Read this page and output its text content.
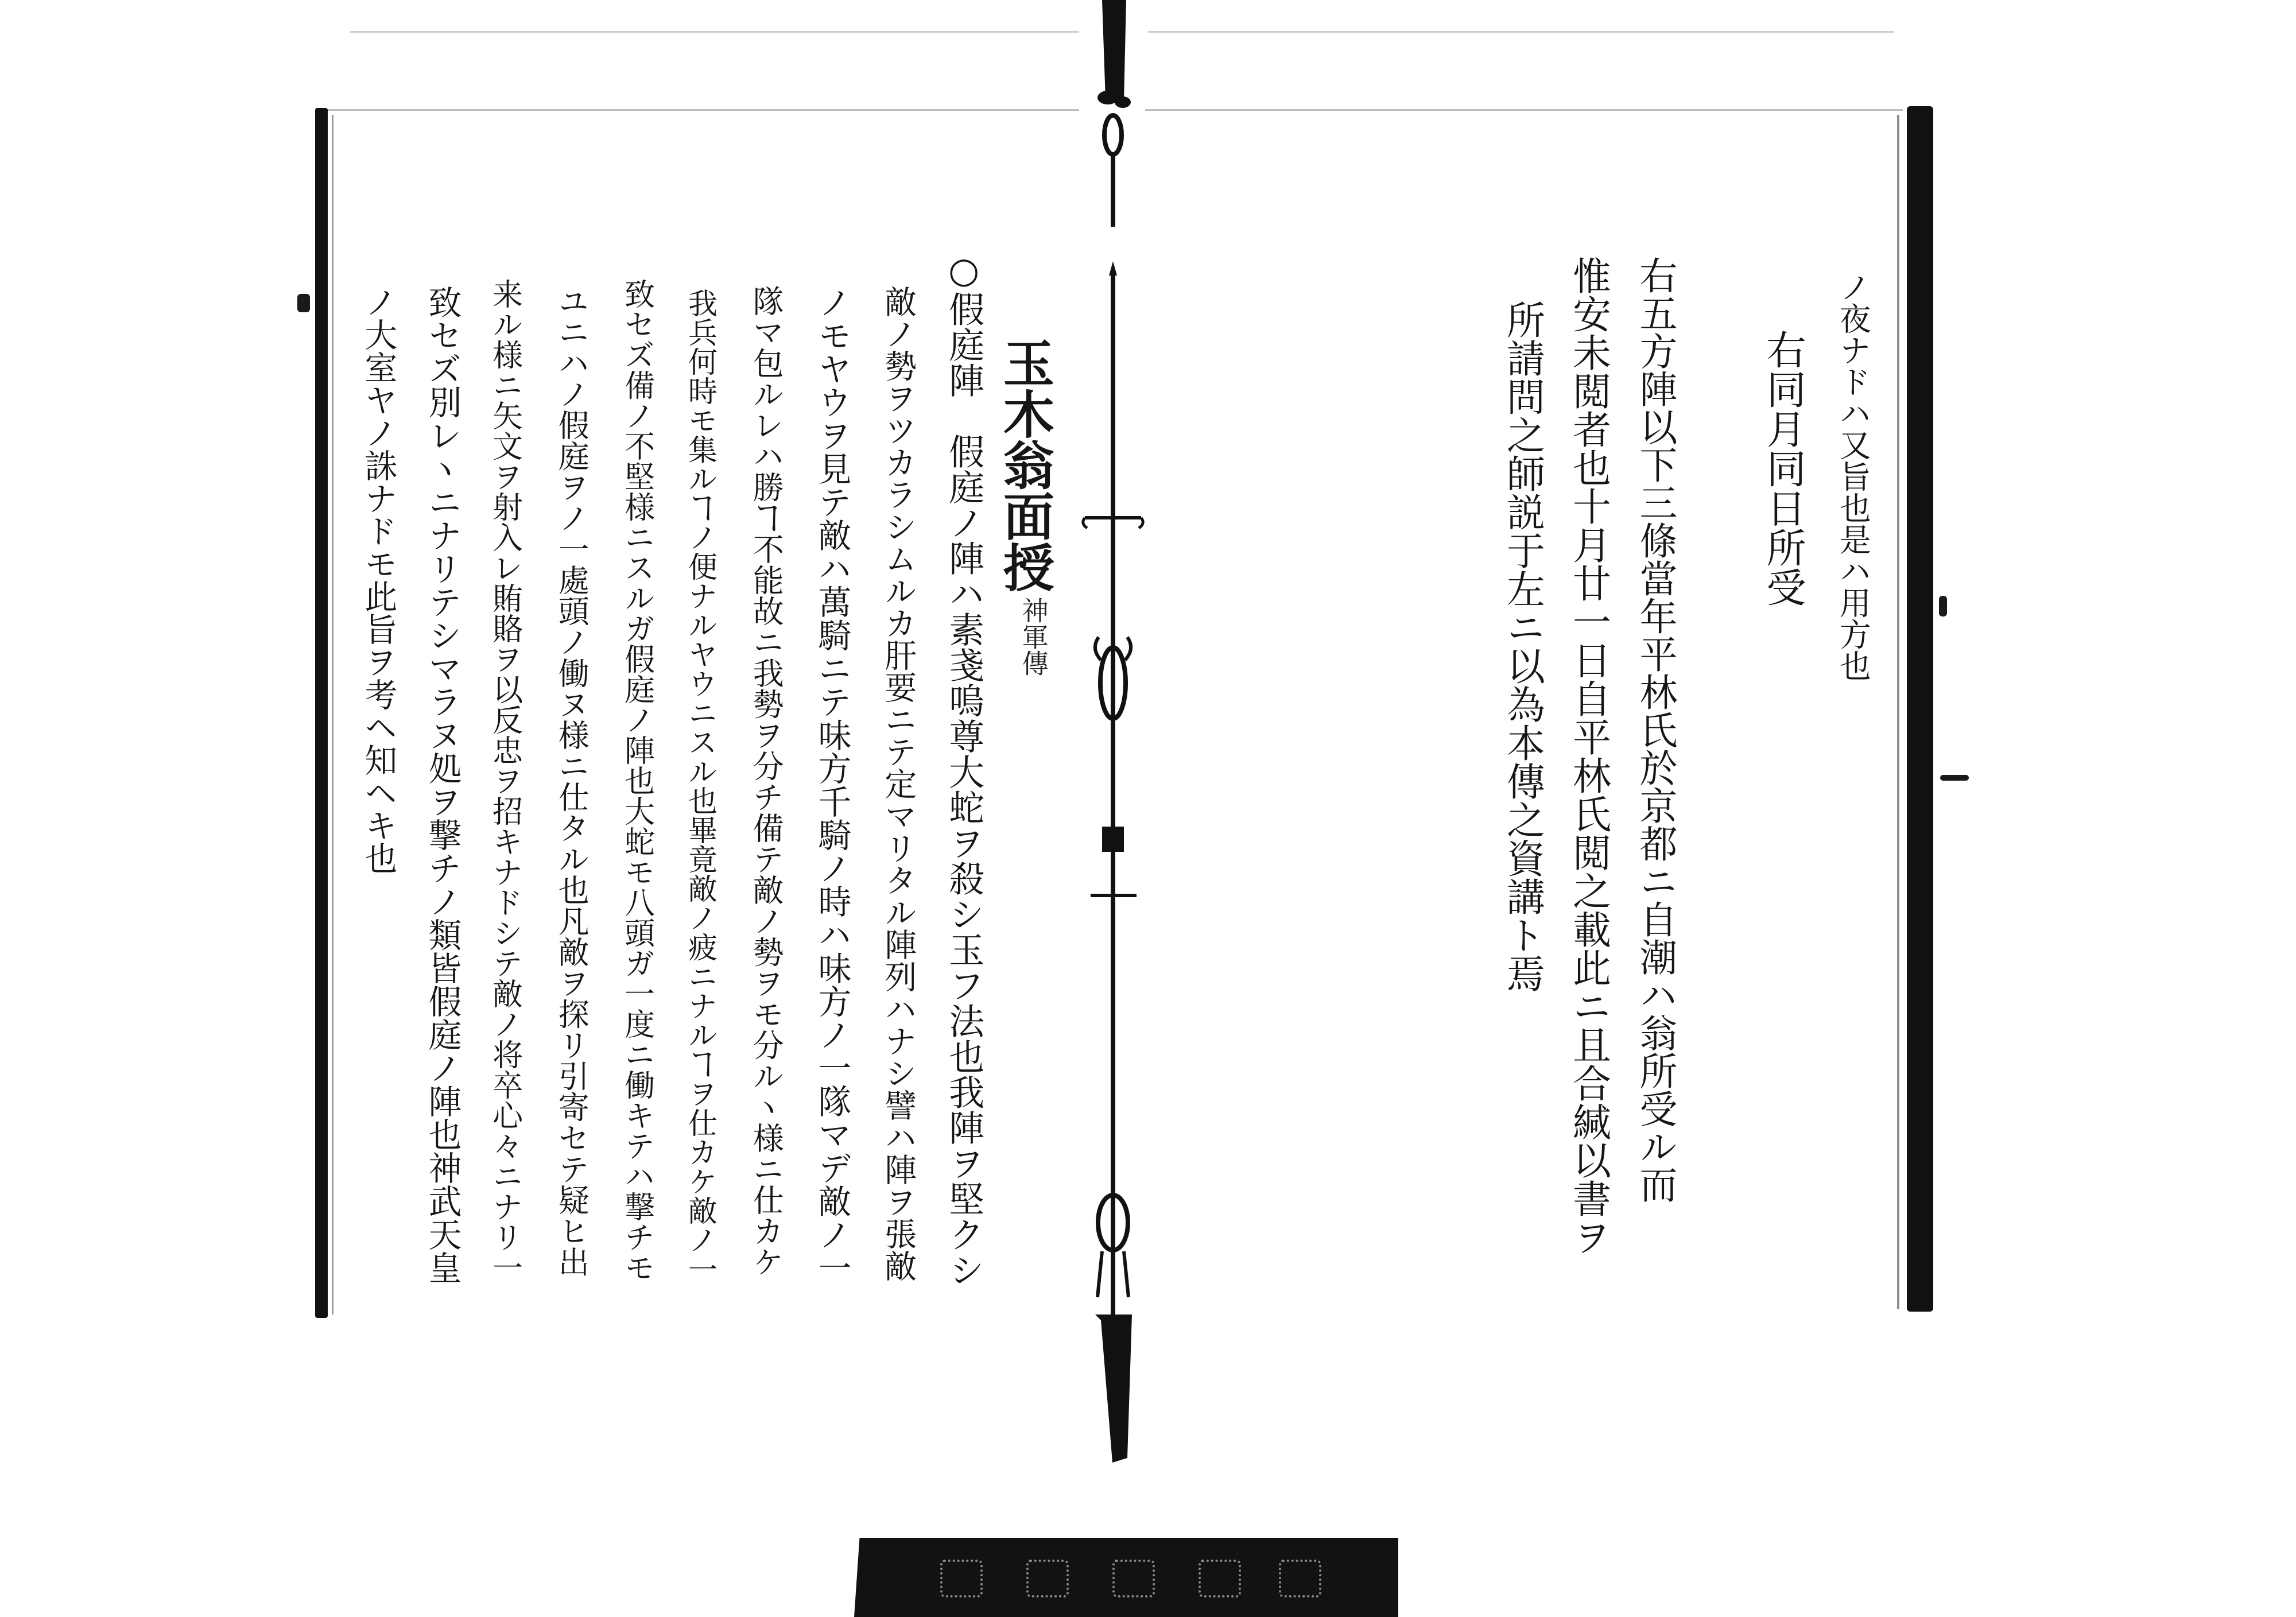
玉木翁面授
神軍傳
○假庭陣　假庭ノ陣ハ素戔嗚尊大蛇ヲ殺シ玉フ法也我陣ヲ堅クシ
敵ノ勢ヲツカラシムルカ肝要ニテ定マリタル陣列ハナシ譬ハ陣ヲ張敵
ノモヤウヲ見テ敵ハ萬騎ニテ味方千騎ノ時ハ味方ノ一隊マデ敵ノ一
隊マ包ルレハ勝ヿ不能故ニ我勢ヲ分チ備テ敵ノ勢ヲモ分ルヽ様ニ仕カケ
我兵何時モ集ルヿノ便ナルヤウニスル也畢竟敵ノ疲ニナルヿヲ仕カケ敵ノ一
致セズ備ノ不堅様ニスルガ假庭ノ陣也大蛇モ八頭ガ一度ニ働キテハ撃チモ
ユニハノ假庭ヲノ一處頭ノ働ヌ様ニ仕タル也凡敵ヲ探リ引寄セテ疑ヒ出
来ル様ニ矢文ヲ射入レ賄賂ヲ以反忠ヲ招キナドシテ敵ノ将卒心々ニナリ一
致セズ別レヽニナリテシマラヌ処ヲ撃チノ類皆假庭ノ陣也神武天皇
ノ大室ヤノ誅ナドモ此旨ヲ考ヘ知ヘキ也	ノ夜ナドハ又旨也是ハ用方也
右同月同日所受
右五方陣以下三條當年平林氏於京都ニ自潮ハ翁所受ル而
惟安未閲者也十月廿一日自平林氏閲之載此ニ且合緘以書ヲ
所請問之師説于左ニ以為本傳之資講ト焉
